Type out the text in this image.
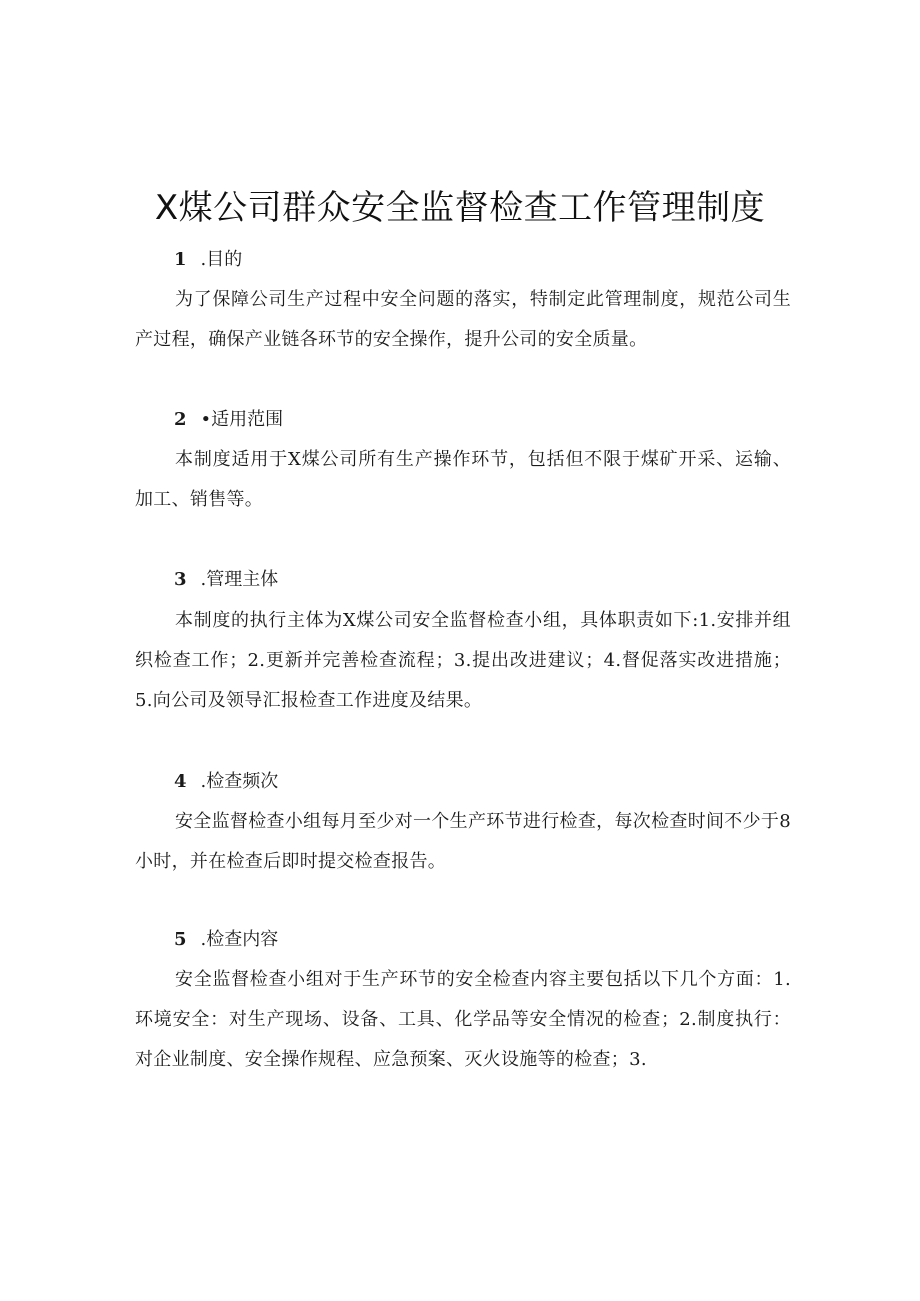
X煤公司群众安全监督检查工作管理制度
1 .目的

为了保障公司生产过程中安全问题的落实，特制定此管理制度，规范公司生产过程，确保产业链各环节的安全操作，提升公司的安全质量。

2 •适用范围

本制度适用于X煤公司所有生产操作环节，包括但不限于煤矿开采、运输、加工、销售等。

3 .管理主体

本制度的执行主体为X煤公司安全监督检查小组，具体职责如下:1.安排并组织检查工作；2.更新并完善检查流程；3.提出改进建议；4.督促落实改进措施；5.向公司及领导汇报检查工作进度及结果。

4 .检查频次

安全监督检查小组每月至少对一个生产环节进行检查，每次检查时间不少于8小时，并在检查后即时提交检查报告。

5 .检查内容

安全监督检查小组对于生产环节的安全检查内容主要包括以下几个方面：1.环境安全：对生产现场、设备、工具、化学品等安全情况的检查；2.制度执行：对企业制度、安全操作规程、应急预案、灭火设施等的检查；3.
